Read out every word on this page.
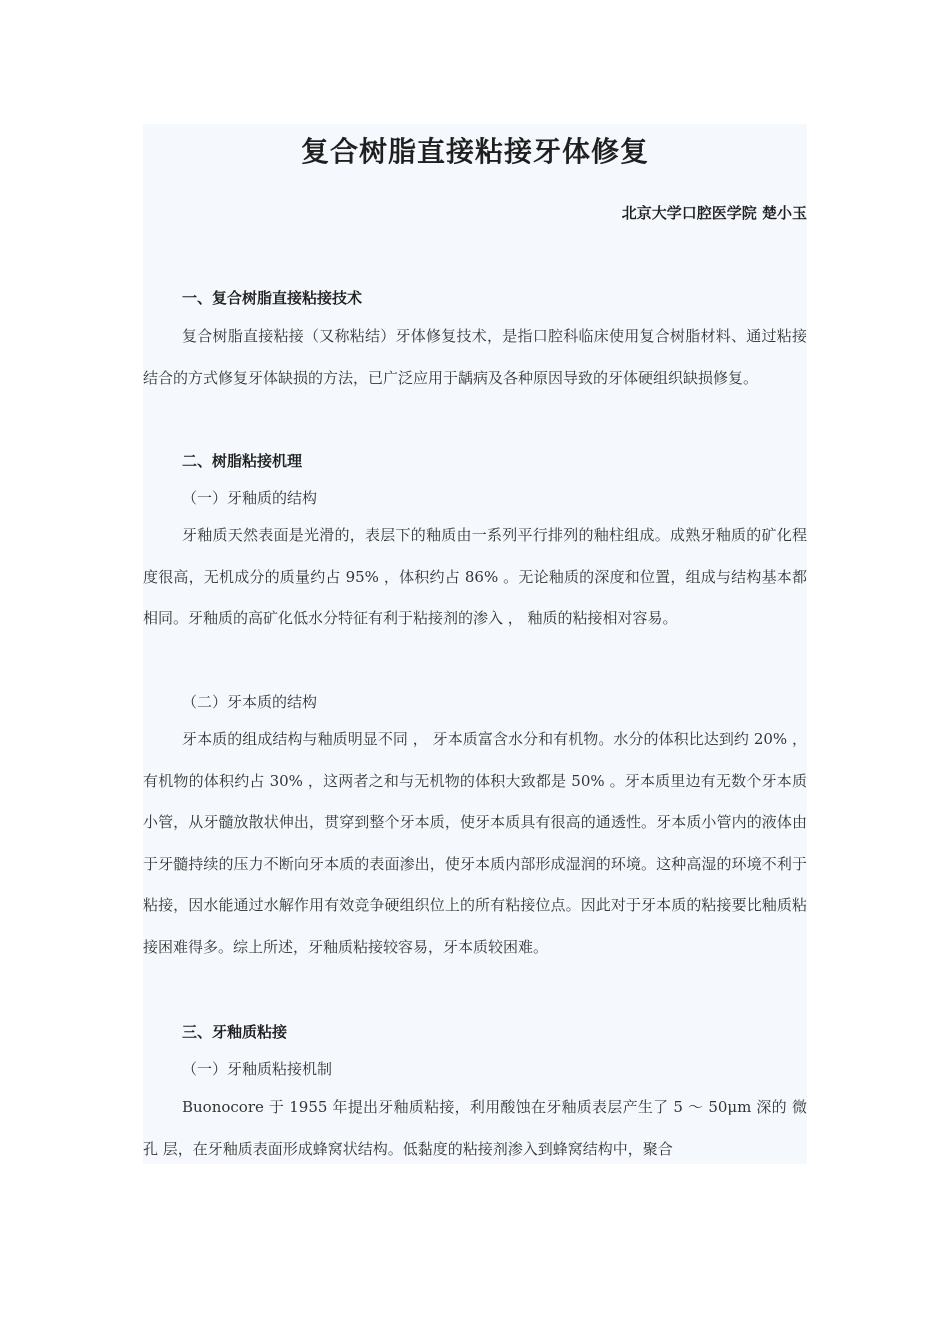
复合树脂直接粘接牙体修复
北京大学口腔医学院 楚小玉
一、复合树脂直接粘接技术

复合树脂直接粘接（又称粘结）牙体修复技术，是指口腔科临床使用复合树脂材料、通过粘接结合的方式修复牙体缺损的方法，已广泛应用于龋病及各种原因导致的牙体硬组织缺损修复。

二、树脂粘接机理
（一）牙釉质的结构

牙釉质天然表面是光滑的，表层下的釉质由一系列平行排列的釉柱组成。成熟牙釉质的矿化程度很高，无机成分的质量约占 95% ，体积约占 86% 。无论釉质的深度和位置，组成与结构基本都相同。牙釉质的高矿化低水分特征有利于粘接剂的渗入 ， 釉质的粘接相对容易。

（二）牙本质的结构

牙本质的组成结构与釉质明显不同 ， 牙本质富含水分和有机物。水分的体积比达到约 20% ，有机物的体积约占 30% ，这两者之和与无机物的体积大致都是 50% 。牙本质里边有无数个牙本质小管，从牙髓放散状伸出，贯穿到整个牙本质，使牙本质具有很高的通透性。牙本质小管内的液体由于牙髓持续的压力不断向牙本质的表面渗出，使牙本质内部形成湿润的环境。这种高湿的环境不利于粘接，因水能通过水解作用有效竞争硬组织位上的所有粘接位点。因此对于牙本质的粘接要比釉质粘接困难得多。综上所述，牙釉质粘接较容易，牙本质较困难。

三、牙釉质粘接
（一）牙釉质粘接机制

Buonocore 于 1955 年提出牙釉质粘接，利用酸蚀在牙釉质表层产生了 5 ～ 50μm 深的 微孔 层，在牙釉质表面形成蜂窝状结构。低黏度的粘接剂渗入到蜂窝结构中，聚合
